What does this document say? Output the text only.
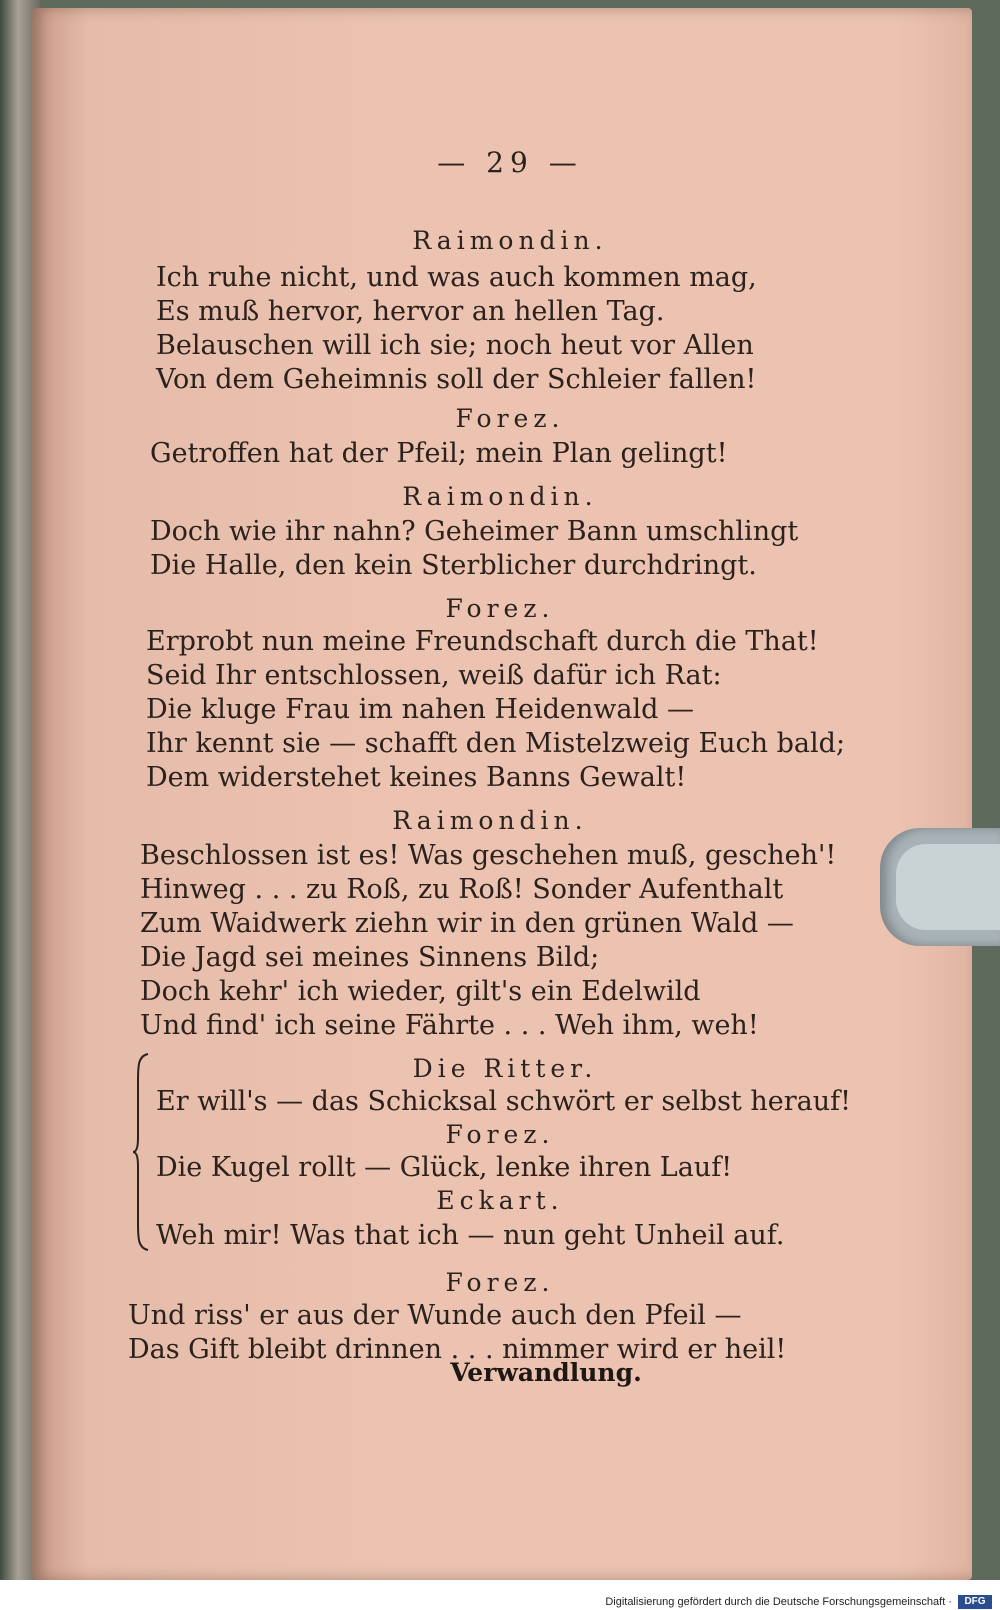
— 29 —
Raimondin.
Ich ruhe nicht, und was auch kommen mag,
Es muß hervor, hervor an hellen Tag.
Belauschen will ich sie; noch heut vor Allen
Von dem Geheimnis soll der Schleier fallen!
Forez.
Getroffen hat der Pfeil; mein Plan gelingt!
Raimondin.
Doch wie ihr nahn? Geheimer Bann umschlingt
Die Halle, den kein Sterblicher durchdringt.
Forez.
Erprobt nun meine Freundschaft durch die That!
Seid Ihr entschlossen, weiß dafür ich Rat:
Die kluge Frau im nahen Heidenwald —
Ihr kennt sie — schafft den Mistelzweig Euch bald;
Dem widerstehet keines Banns Gewalt!
Raimondin.
Beschlossen ist es! Was geschehen muß, gescheh'!
Hinweg . . . zu Roß, zu Roß! Sonder Aufenthalt
Zum Waidwerk ziehn wir in den grünen Wald —
Die Jagd sei meines Sinnens Bild;
Doch kehr' ich wieder, gilt's ein Edelwild
Und find' ich seine Fährte . . . Weh ihm, weh!
Die Ritter.
Er will's — das Schicksal schwört er selbst herauf!
Forez.
Die Kugel rollt — Glück, lenke ihren Lauf!
Eckart.
Weh mir! Was that ich — nun geht Unheil auf.
Forez.
Und riss' er aus der Wunde auch den Pfeil —
Das Gift bleibt drinnen . . . nimmer wird er heil!
Verwandlung.
Digitalisierung gefördert durch die Deutsche Forschungsgemeinschaft ·	DFG
